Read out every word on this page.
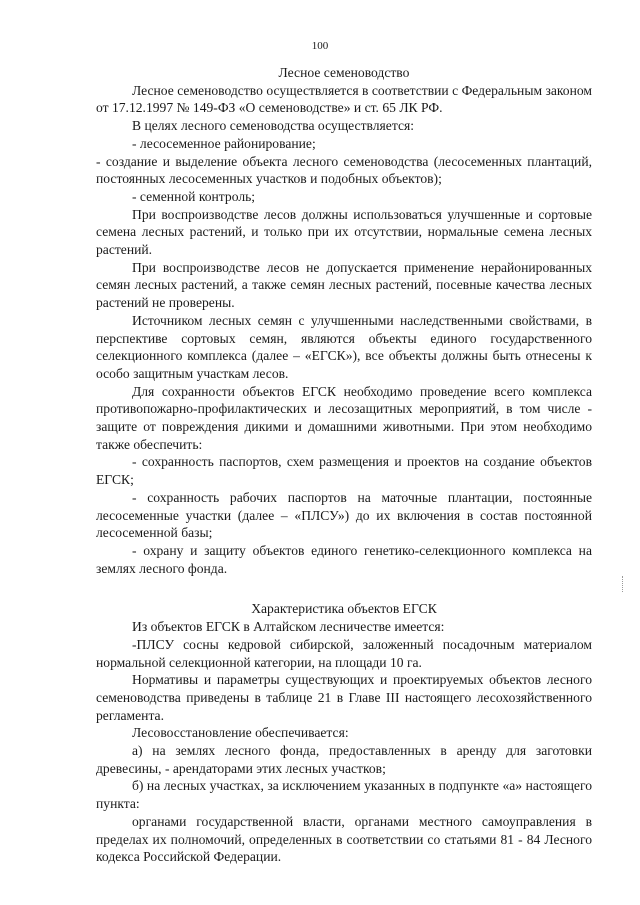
100

Лесное семеноводство

Лесное семеноводство осуществляется в соответствии с Федеральным законом от 17.12.1997 № 149-ФЗ «О семеноводстве» и ст. 65 ЛК РФ.

В целях лесного семеноводства осуществляется:

- лесосеменное районирование;

- создание и выделение объекта лесного семеноводства (лесосеменных плантаций, постоянных лесосеменных участков и подобных объектов);

- семенной контроль;

При воспроизводстве лесов должны использоваться улучшенные и сортовые семена лесных растений, и только при их отсутствии, нормальные семена лесных растений.

При воспроизводстве лесов не допускается применение нерайонированных семян лесных растений, а также семян лесных растений, посевные качества лесных растений не проверены.

Источником лесных семян с улучшенными наследственными свойствами, в перспективе сортовых семян, являются объекты единого государственного селекционного комплекса (далее – «ЕГСК»), все объекты должны быть отнесены к особо защитным участкам лесов.

Для сохранности объектов ЕГСК необходимо проведение всего комплекса противопожарно-профилактических и лесозащитных мероприятий, в том числе - защите от повреждения дикими и домашними животными. При этом необходимо также обеспечить:

- сохранность паспортов, схем размещения и проектов на создание объектов ЕГСК;

- сохранность рабочих паспортов на маточные плантации, постоянные лесосеменные участки (далее – «ПЛСУ») до их включения в состав постоянной лесосеменной базы;

- охрану и защиту объектов единого генетико-селекционного комплекса на землях лесного фонда.

Характеристика объектов ЕГСК

Из объектов ЕГСК в Алтайском лесничестве имеется:

-ПЛСУ сосны кедровой сибирской, заложенный посадочным материалом нормальной селекционной категории, на площади 10 га.

Нормативы и параметры существующих и проектируемых объектов лесного семеноводства приведены в таблице 21 в Главе III настоящего лесохозяйственного регламента.

Лесовосстановление обеспечивается:

а) на землях лесного фонда, предоставленных в аренду для заготовки древесины, - арендаторами этих лесных участков;

б) на лесных участках, за исключением указанных в подпункте «а» настоящего пункта:

органами государственной власти, органами местного самоуправления в пределах их полномочий, определенных в соответствии со статьями 81 - 84 Лесного кодекса Российской Федерации.
